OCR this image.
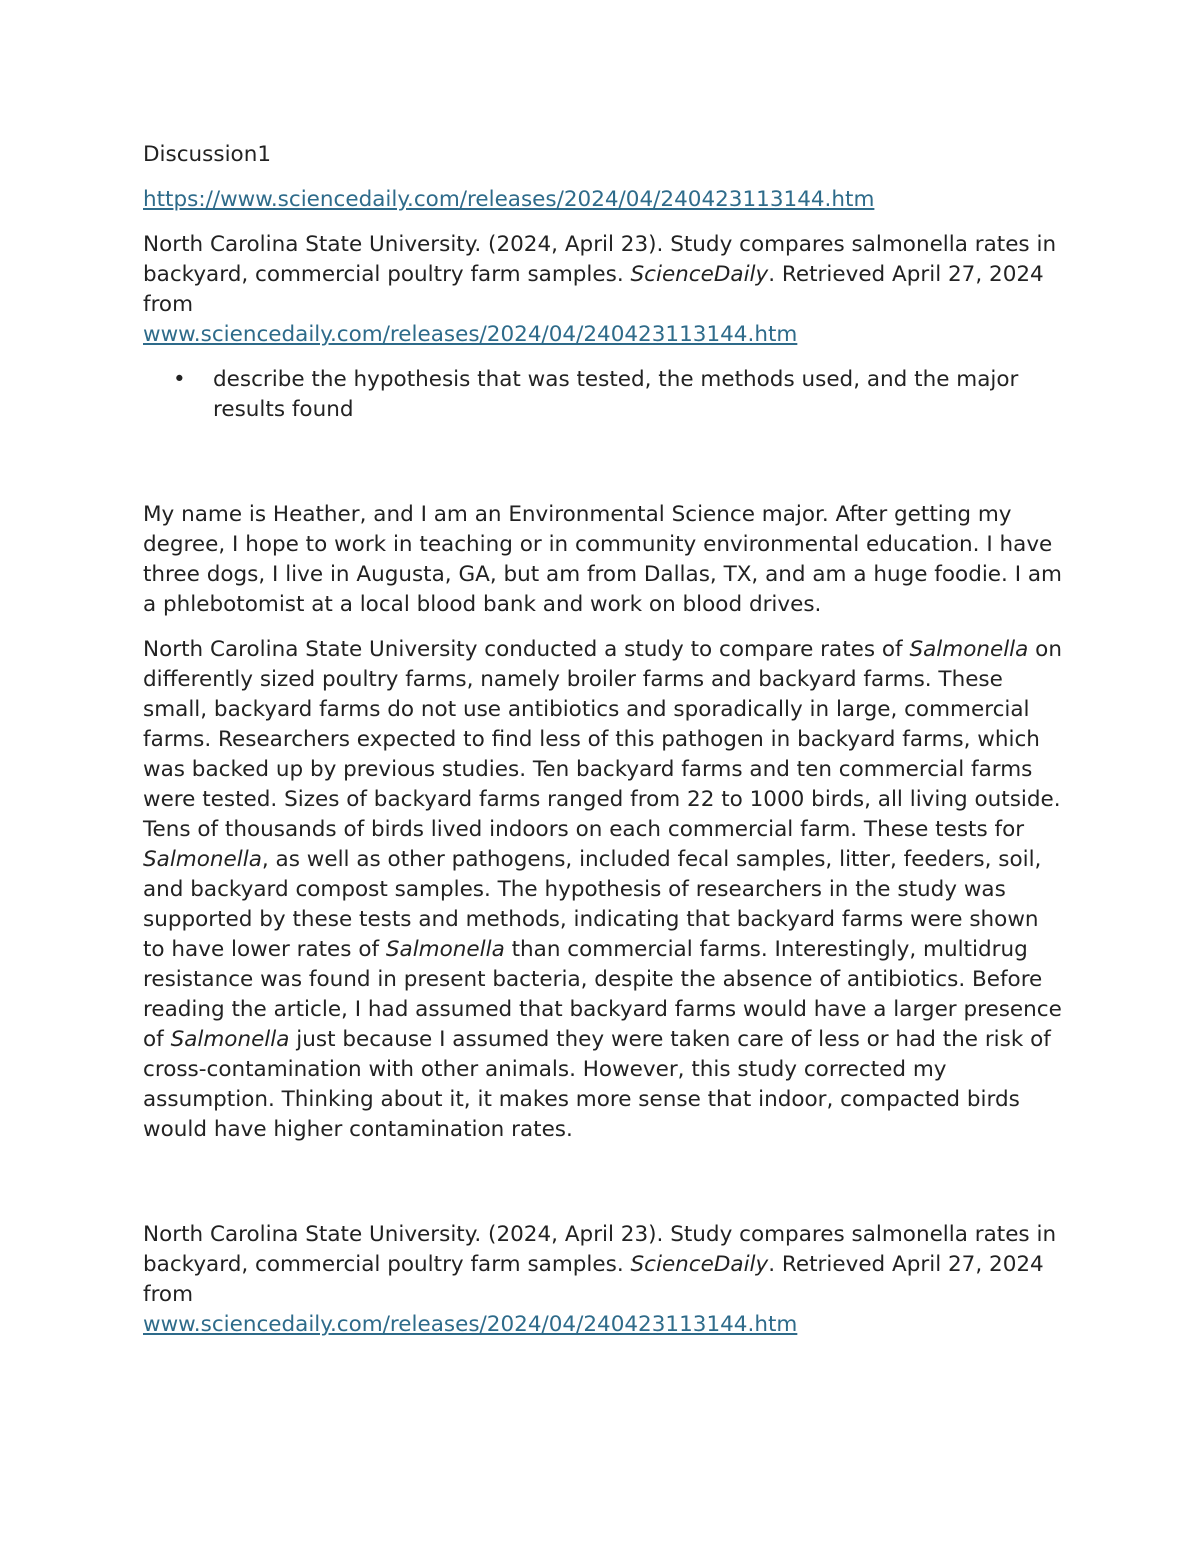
Discussion1

https://www.sciencedaily.com/releases/2024/04/240423113144.htm

North Carolina State University. (2024, April 23). Study compares salmonella rates in backyard, commercial poultry farm samples. ScienceDaily. Retrieved April 27, 2024 from
www.sciencedaily.com/releases/2024/04/240423113144.htm

• describe the hypothesis that was tested, the methods used, and the major results found

My name is Heather, and I am an Environmental Science major. After getting my degree, I hope to work in teaching or in community environmental education. I have three dogs, I live in Augusta, GA, but am from Dallas, TX, and am a huge foodie. I am a phlebotomist at a local blood bank and work on blood drives.

North Carolina State University conducted a study to compare rates of Salmonella on differently sized poultry farms, namely broiler farms and backyard farms. These small, backyard farms do not use antibiotics and sporadically in large, commercial farms. Researchers expected to find less of this pathogen in backyard farms, which was backed up by previous studies. Ten backyard farms and ten commercial farms were tested. Sizes of backyard farms ranged from 22 to 1000 birds, all living outside. Tens of thousands of birds lived indoors on each commercial farm. These tests for Salmonella, as well as other pathogens, included fecal samples, litter, feeders, soil, and backyard compost samples. The hypothesis of researchers in the study was supported by these tests and methods, indicating that backyard farms were shown to have lower rates of Salmonella than commercial farms. Interestingly, multidrug resistance was found in present bacteria, despite the absence of antibiotics. Before reading the article, I had assumed that backyard farms would have a larger presence of Salmonella just because I assumed they were taken care of less or had the risk of cross-contamination with other animals. However, this study corrected my assumption. Thinking about it, it makes more sense that indoor, compacted birds would have higher contamination rates.

North Carolina State University. (2024, April 23). Study compares salmonella rates in backyard, commercial poultry farm samples. ScienceDaily. Retrieved April 27, 2024 from
www.sciencedaily.com/releases/2024/04/240423113144.htm
